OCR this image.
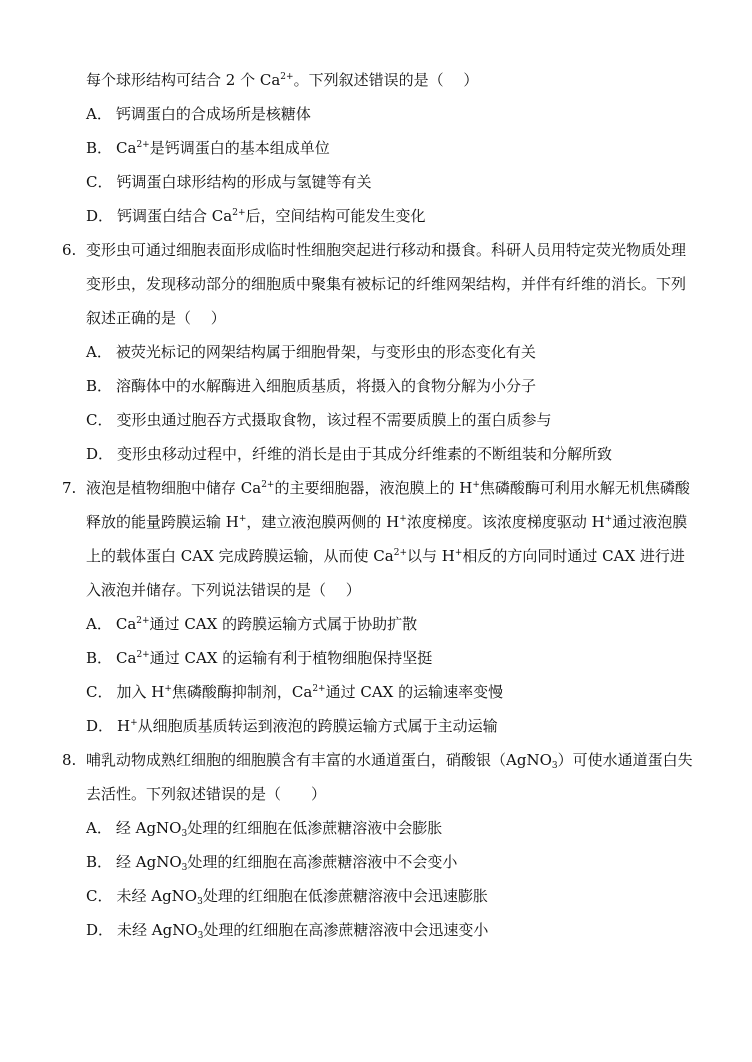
每个球形结构可结合 2 个 $Ca^{2+}$。下列叙述错误的是（　 ）
A． 钙调蛋白的合成场所是核糖体
B． $Ca^{2+}$是钙调蛋白的基本组成单位
C． 钙调蛋白球形结构的形成与氢键等有关
D． 钙调蛋白结合 $Ca^{2+}$后，空间结构可能发生变化
6. 变形虫可通过细胞表面形成临时性细胞突起进行移动和摄食。科研人员用特定荧光物质处理
变形虫，发现移动部分的细胞质中聚集有被标记的纤维网架结构，并伴有纤维的消长。下列
叙述正确的是（　 ）
A． 被荧光标记的网架结构属于细胞骨架，与变形虫的形态变化有关
B． 溶酶体中的水解酶进入细胞质基质，将摄入的食物分解为小分子
C． 变形虫通过胞吞方式摄取食物，该过程不需要质膜上的蛋白质参与
D． 变形虫移动过程中，纤维的消长是由于其成分纤维素的不断组装和分解所致
7. 液泡是植物细胞中储存 $Ca^{2+}$的主要细胞器，液泡膜上的 H+焦磷酸酶可利用水解无机焦磷酸
释放的能量跨膜运输 H+，建立液泡膜两侧的 H+浓度梯度。该浓度梯度驱动 H+通过液泡膜
上的载体蛋白 CAX 完成跨膜运输，从而使 $Ca^{2+}$以与 H+相反的方向同时通过 CAX 进行进
入液泡并储存。下列说法错误的是（　 ）
A． $Ca^{2+}$通过 CAX 的跨膜运输方式属于协助扩散
B． $Ca^{2+}$通过 CAX 的运输有利于植物细胞保持坚挺
C． 加入 H+焦磷酸酶抑制剂，$Ca^{2+}$通过 CAX 的运输速率变慢
D． H+从细胞质基质转运到液泡的跨膜运输方式属于主动运输
8. 哺乳动物成熟红细胞的细胞膜含有丰富的水通道蛋白，硝酸银（AgNO$_3$）可使水通道蛋白失
去活性。下列叙述错误的是（　　）
A． 经 AgNO$_3$处理的红细胞在低渗蔗糖溶液中会膨胀
B． 经 AgNO$_3$处理的红细胞在高渗蔗糖溶液中不会变小
C． 未经 AgNO$_3$处理的红细胞在低渗蔗糖溶液中会迅速膨胀
D． 未经 AgNO$_3$处理的红细胞在高渗蔗糖溶液中会迅速变小
